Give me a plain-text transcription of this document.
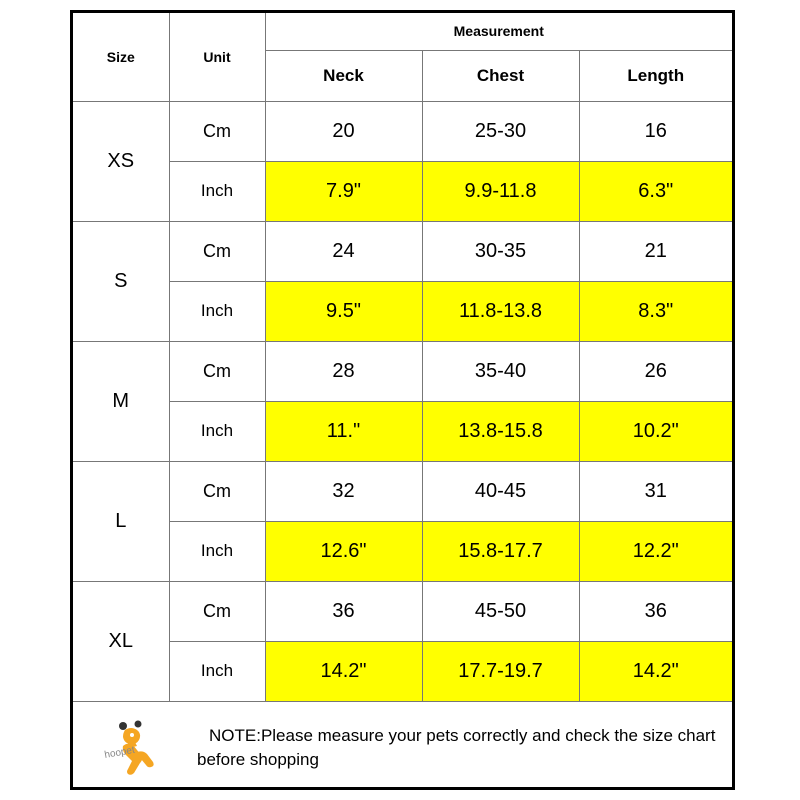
Size	Unit	Measurement		
		Neck	Chest	Length
XS	Cm	20	25-30	16
	Inch	7.9"	9.9-11.8	6.3"
S	Cm	24	30-35	21
	Inch	9.5"	11.8-13.8	8.3"
M	Cm	28	35-40	26
	Inch	11."	13.8-15.8	10.2"
L	Cm	32	40-45	31
	Inch	12.6"	15.8-17.7	12.2"
XL	Cm	36	45-50	36
	Inch	14.2"	17.7-19.7	14.2"
hoopet
NOTE:Please measure your pets correctly and check the size chart before shopping
